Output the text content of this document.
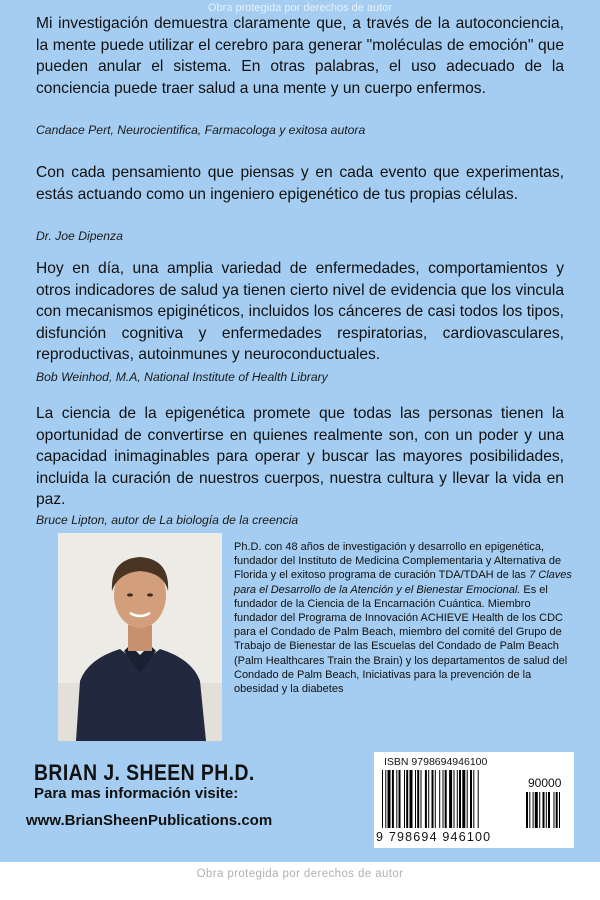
Obra protegida por derechos de autor

Mi investigación demuestra claramente que, a través de la autoconciencia, la mente puede utilizar el cerebro para generar "moléculas de emoción" que pueden anular el sistema. En otras palabras, el uso adecuado de la conciencia puede traer salud a una mente y un cuerpo enfermos.

Candace Pert, Neurocientifica, Farmacologa y exitosa autora

Con cada pensamiento que piensas y en cada evento que experimentas, estás actuando como un ingeniero epigenético de tus propias células.

Dr. Joe Dipenza

Hoy en día, una amplia variedad de enfermedades, comportamientos y otros indicadores de salud ya tienen cierto nivel de evidencia que los vincula con mecanismos epiginéticos, incluidos los cánceres de casi todos los tipos, disfunción cognitiva y enfermedades respiratorias, cardiovasculares, reproductivas, autoinmunes y neuroconductuales.

Bob Weinhod, M.A, National Institute of Health Library

La ciencia de la epigenética promete que todas las personas tienen la oportunidad de convertirse en quienes realmente son, con un poder y una capacidad inimaginables para operar y buscar las mayores posibilidades, incluida la curación de nuestros cuerpos, nuestra cultura y llevar la vida en paz.

Bruce Lipton, autor de La biología de la creencia

Ph.D. con 48 años de investigación y desarrollo en epigenética, fundador del Instituto de Medicina Complementaria y Alternativa de Florida y el exitoso programa de curación TDA/TDAH de las 7 Claves para el Desarrollo de la Atención y el Bienestar Emocional. Es el fundador de la Ciencia de la Encarnación Cuántica. Miembro fundador del Programa de Innovación ACHIEVE Health de los CDC para el Condado de Palm Beach, miembro del comité del Grupo de Trabajo de Bienestar de las Escuelas del Condado de Palm Beach (Palm Healthcares Train the Brain) y los departamentos de salud del Condado de Palm Beach, Iniciativas para la prevención de la obesidad y la diabetes

BRIAN J. SHEEN PH.D.
Para mas información visite:
www.BrianSheenPublications.com
ISBN 9798694946100
90000
9 798694 946100
Obra protegida por derechos de autor
